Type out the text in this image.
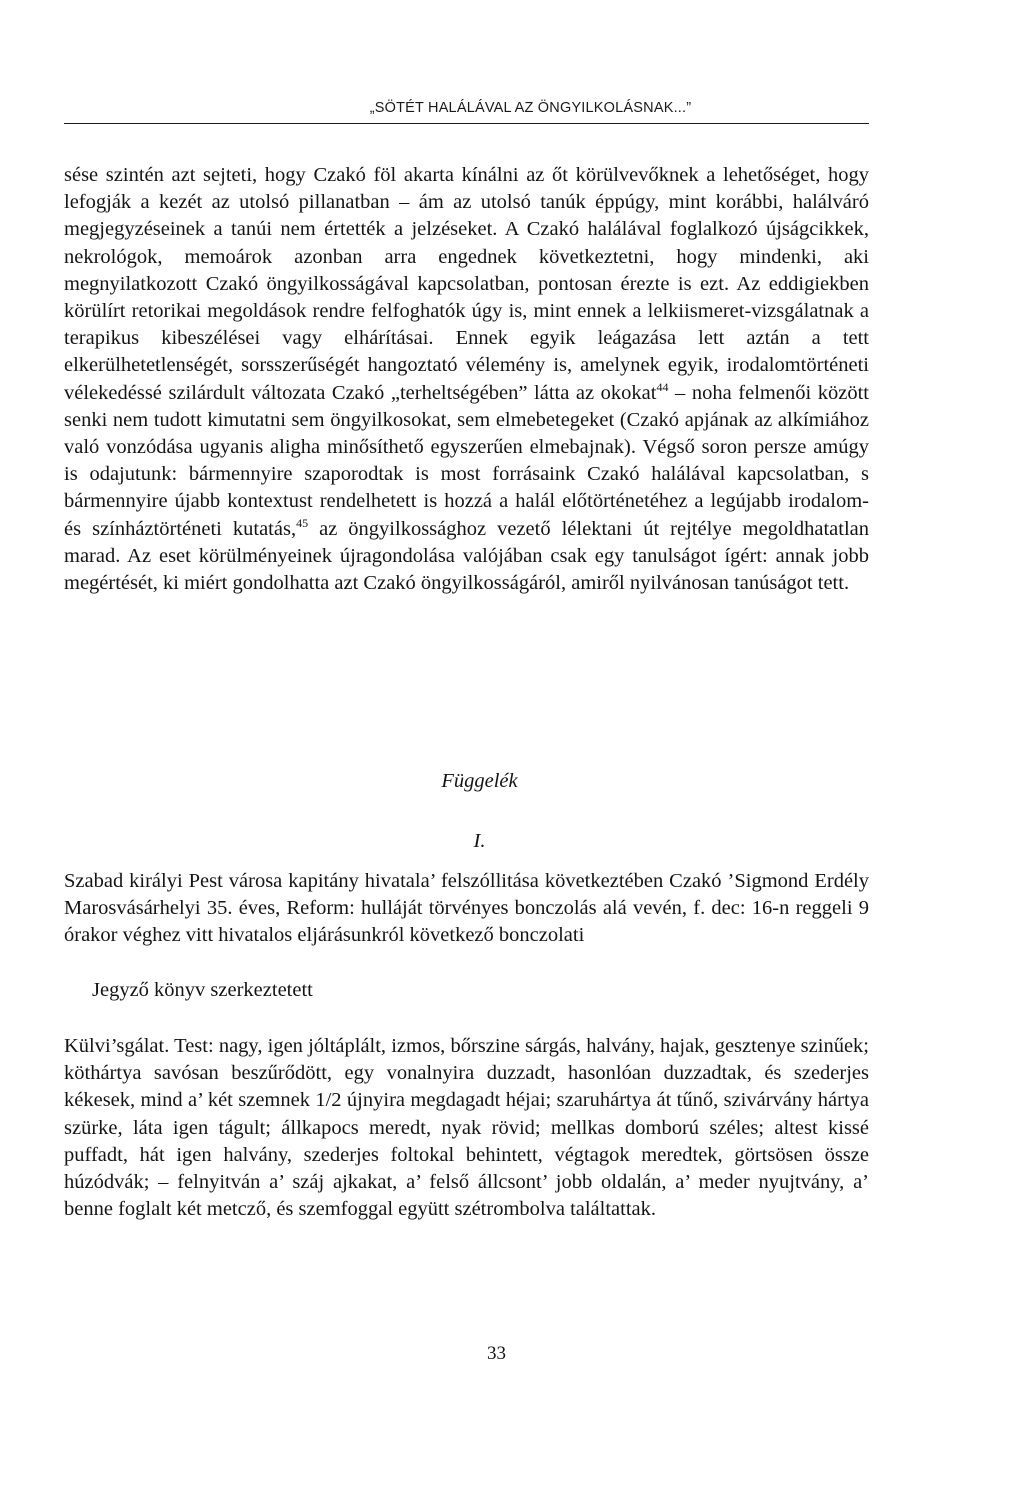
„SÖTÉT HALÁLÁVAL AZ ÖNGYILKOLÁSNAK...”

sése szintén azt sejteti, hogy Czakó föl akarta kínálni az őt körülvevőknek a lehetőséget, hogy lefogják a kezét az utolsó pillanatban – ám az utolsó tanúk éppúgy, mint korábbi, halálváró megjegyzéseinek a tanúi nem értették a jelzéseket. A Czakó halálával foglalkozó újságcikkek, nekrológok, memoárok azonban arra engednek következtetni, hogy mindenki, aki megnyilatkozott Czakó öngyilkosságával kapcsolatban, pontosan érezte is ezt. Az eddigiekben körülírt retorikai megoldások rendre felfoghatók úgy is, mint ennek a lelkiismeret-vizsgálatnak a terapikus kibeszélései vagy elhárításai. Ennek egyik leágazása lett aztán a tett elkerülhetetlenségét, sorsszerűségét hangoztató vélemény is, amelynek egyik, irodalomtörténeti vélekedéssé szilárdult változata Czakó „terheltségében” látta az okokat$^{44}$ – noha felmenői között senki nem tudott kimutatni sem öngyilkosokat, sem elmebetegeket (Czakó apjának az alkímiához való vonzódása ugyanis aligha minősíthető egyszerűen elmebajnak). Végső soron persze amúgy is odajutunk: bármennyire szaporodtak is most forrásaink Czakó halálával kapcsolatban, s bármennyire újabb kontextust rendelhetett is hozzá a halál előtörténetéhez a legújabb irodalom- és színháztörténeti kutatás,$^{45}$ az öngyilkossághoz vezető lélektani út rejtélye megoldhatatlan marad. Az eset körülményeinek újragondolása valójában csak egy tanulságot ígért: annak jobb megértését, ki miért gondolhatta azt Czakó öngyilkosságáról, amiről nyilvánosan tanúságot tett.

Függelék

I.

Szabad királyi Pest városa kapitány hivatala’ felszóllitása következtében Czakó ’Sigmond Erdély Marosvásárhelyi 35. éves, Reform: hulláját törvényes bonczolás alá vevén, f. dec: 16-n reggeli 9 órakor véghez vitt hivatalos eljárásunkról következő bonczolati

Jegyző könyv szerkeztetett

Külvi’sgálat. Test: nagy, igen jóltáplált, izmos, bőrszine sárgás, halvány, hajak, gesztenye szinűek; köthártya savósan beszűrődött, egy vonalnyira duzzadt, hasonlóan duzzadtak, és szederjes kékesek, mind a’ két szemnek 1/2 újnyira megdagadt héjai; szaruhártya át tűnő, szivárvány hártya szürke, láta igen tágult; állkapocs meredt, nyak rövid; mellkas domború széles; altest kissé puffadt, hát igen halvány, szederjes foltokal behintett, végtagok meredtek, görtsösen össze húzódvák; – felnyitván a’ száj ajkakat, a’ felső állcsont’ jobb oldalán, a’ meder nyujtvány, a’ benne foglalt két metcző, és szemfoggal együtt szétrombolva találtattak.

33
